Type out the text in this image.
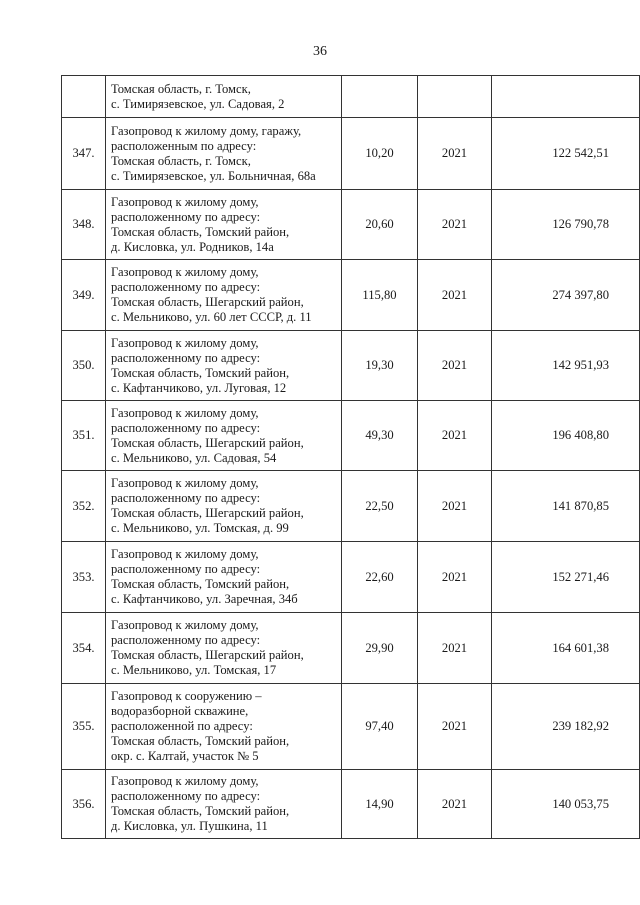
36

	Томская область, г. Томск,
с. Тимирязевское, ул. Садовая, 2			

347.	Газопровод к жилому дому, гаражу,
расположенным по адресу:
Томская область, г. Томск,
с. Тимирязевское, ул. Больничная, 68а	10,20	2021	122 542,51
348.	Газопровод к жилому дому,
расположенному по адресу:
Томская область, Томский район,
д. Кисловка, ул. Родников, 14а	20,60	2021	126 790,78
349.	Газопровод к жилому дому,
расположенному по адресу:
Томская область, Шегарский район,
с. Мельниково, ул. 60 лет СССР, д. 11	115,80	2021	274 397,80
350.	Газопровод к жилому дому,
расположенному по адресу:
Томская область, Томский район,
с. Кафтанчиково, ул. Луговая, 12	19,30	2021	142 951,93
351.	Газопровод к жилому дому,
расположенному по адресу:
Томская область, Шегарский район,
с. Мельниково, ул. Садовая, 54	49,30	2021	196 408,80
352.	Газопровод к жилому дому,
расположенному по адресу:
Томская область, Шегарский район,
с. Мельниково, ул. Томская, д. 99	22,50	2021	141 870,85
353.	Газопровод к жилому дому,
расположенному по адресу:
Томская область, Томский район,
с. Кафтанчиково, ул. Заречная, 34б	22,60	2021	152 271,46
354.	Газопровод к жилому дому,
расположенному по адресу:
Томская область, Шегарский район,
с. Мельниково, ул. Томская, 17	29,90	2021	164 601,38
355.	Газопровод к сооружению –
водоразборной скважине,
расположенной по адресу:
Томская область, Томский район,
окр. с. Калтай, участок № 5	97,40	2021	239 182,92
356.	Газопровод к жилому дому,
расположенному по адресу:
Томская область, Томский район,
д. Кисловка, ул. Пушкина, 11	14,90	2021	140 053,75
